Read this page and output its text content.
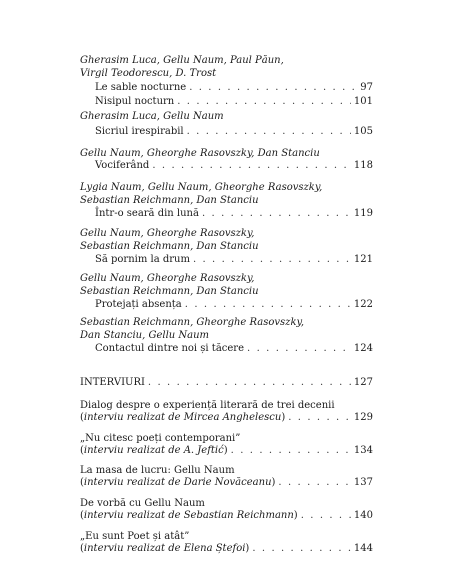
Gherasim Luca, Gellu Naum, Paul Păun,
Virgil Teodorescu, D. Trost
Le sable nocturne . . .	97
Nisipul nocturn . . .	101
Gherasim Luca, Gellu Naum
Sicriul irespirabil . . .	105
Gellu Naum, Gheorghe Rasovszky, Dan Stanciu
Vociferând . . .	118
Lygia Naum, Gellu Naum, Gheorghe Rasovszky,
Sebastian Reichmann, Dan Stanciu
Într-o seară din lună . . .	119
Gellu Naum, Gheorghe Rasovszky,
Sebastian Reichmann, Dan Stanciu
Să pornim la drum . . .	121
Gellu Naum, Gheorghe Rasovszky,
Sebastian Reichmann, Dan Stanciu
Protejați absența . . .	122
Sebastian Reichmann, Gheorghe Rasovszky,
Dan Stanciu, Gellu Naum
Contactul dintre noi și tăcere . . .	124
INTERVIURI . . .	127
Dialog despre o experiență literară de trei decenii
(interviu realizat de Mircea Anghelescu) . . .	129
„Nu citesc poeți contemporani”
(interviu realizat de A. Jeftić) . . .	134
La masa de lucru: Gellu Naum
(interviu realizat de Darie Novăceanu) . . .	137
De vorbă cu Gellu Naum
(interviu realizat de Sebastian Reichmann) . . .	140
„Eu sunt Poet și atât”
(interviu realizat de Elena Ștefoi) . . .	144
